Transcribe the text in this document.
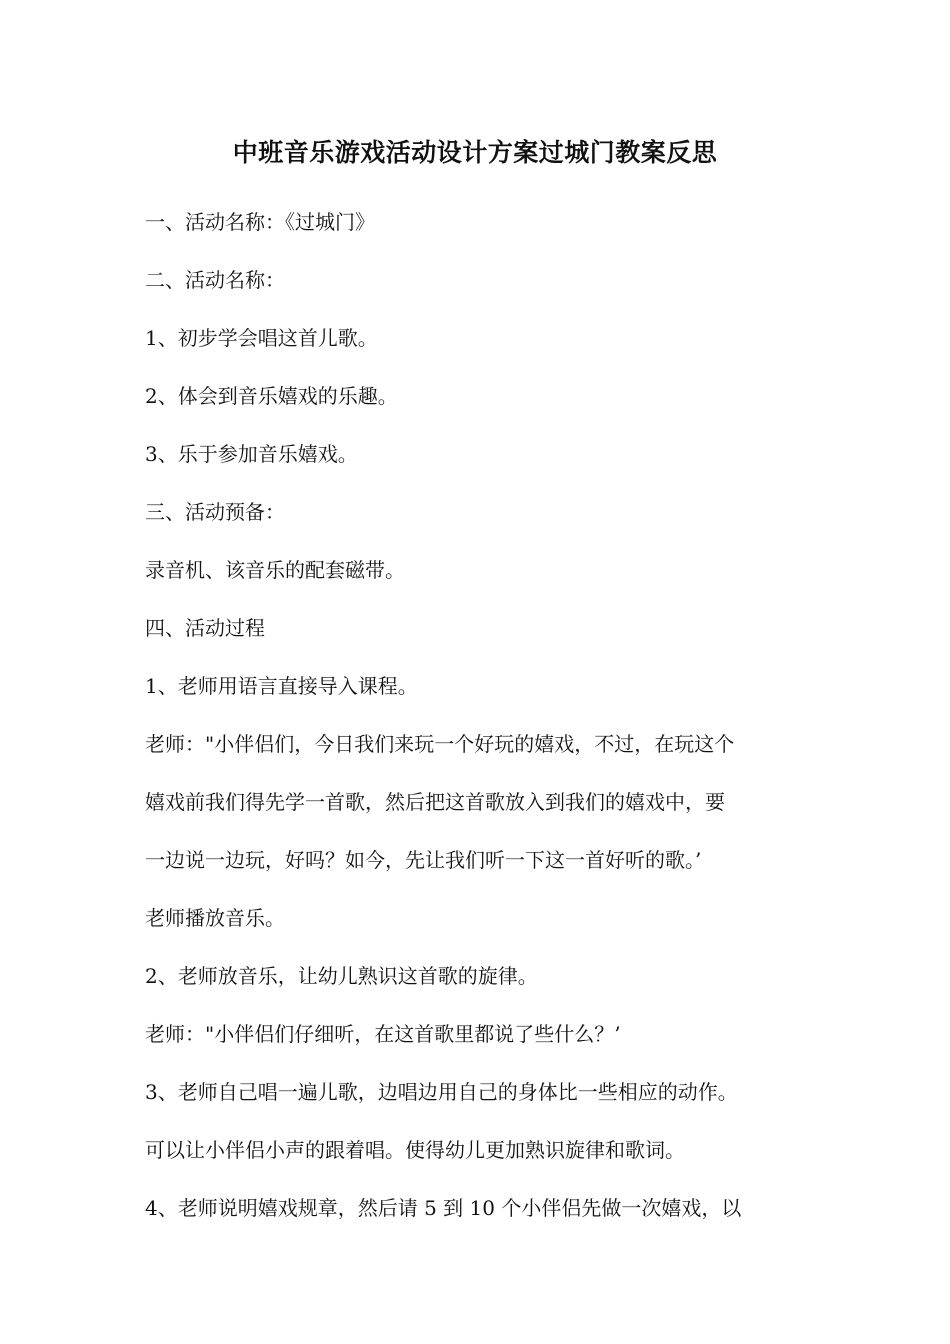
中班音乐游戏活动设计方案过城门教案反思
一、活动名称：《过城门》
二、活动名称：
1、初步学会唱这首儿歌。
2、体会到音乐嬉戏的乐趣。
3、乐于参加音乐嬉戏。
三、活动预备：
录音机、该音乐的配套磁带。
四、活动过程
1、老师用语言直接导入课程。
老师："小伴侣们，今日我们来玩一个好玩的嬉戏，不过，在玩这个
嬉戏前我们得先学一首歌，然后把这首歌放入到我们的嬉戏中，要
一边说一边玩，好吗？如今，先让我们听一下这一首好听的歌。’
老师播放音乐。
2、老师放音乐，让幼儿熟识这首歌的旋律。
老师："小伴侣们仔细听，在这首歌里都说了些什么？’
3、老师自己唱一遍儿歌，边唱边用自己的身体比一些相应的动作。
可以让小伴侣小声的跟着唱。使得幼儿更加熟识旋律和歌词。
4、老师说明嬉戏规章，然后请 5 到 10 个小伴侣先做一次嬉戏，以
